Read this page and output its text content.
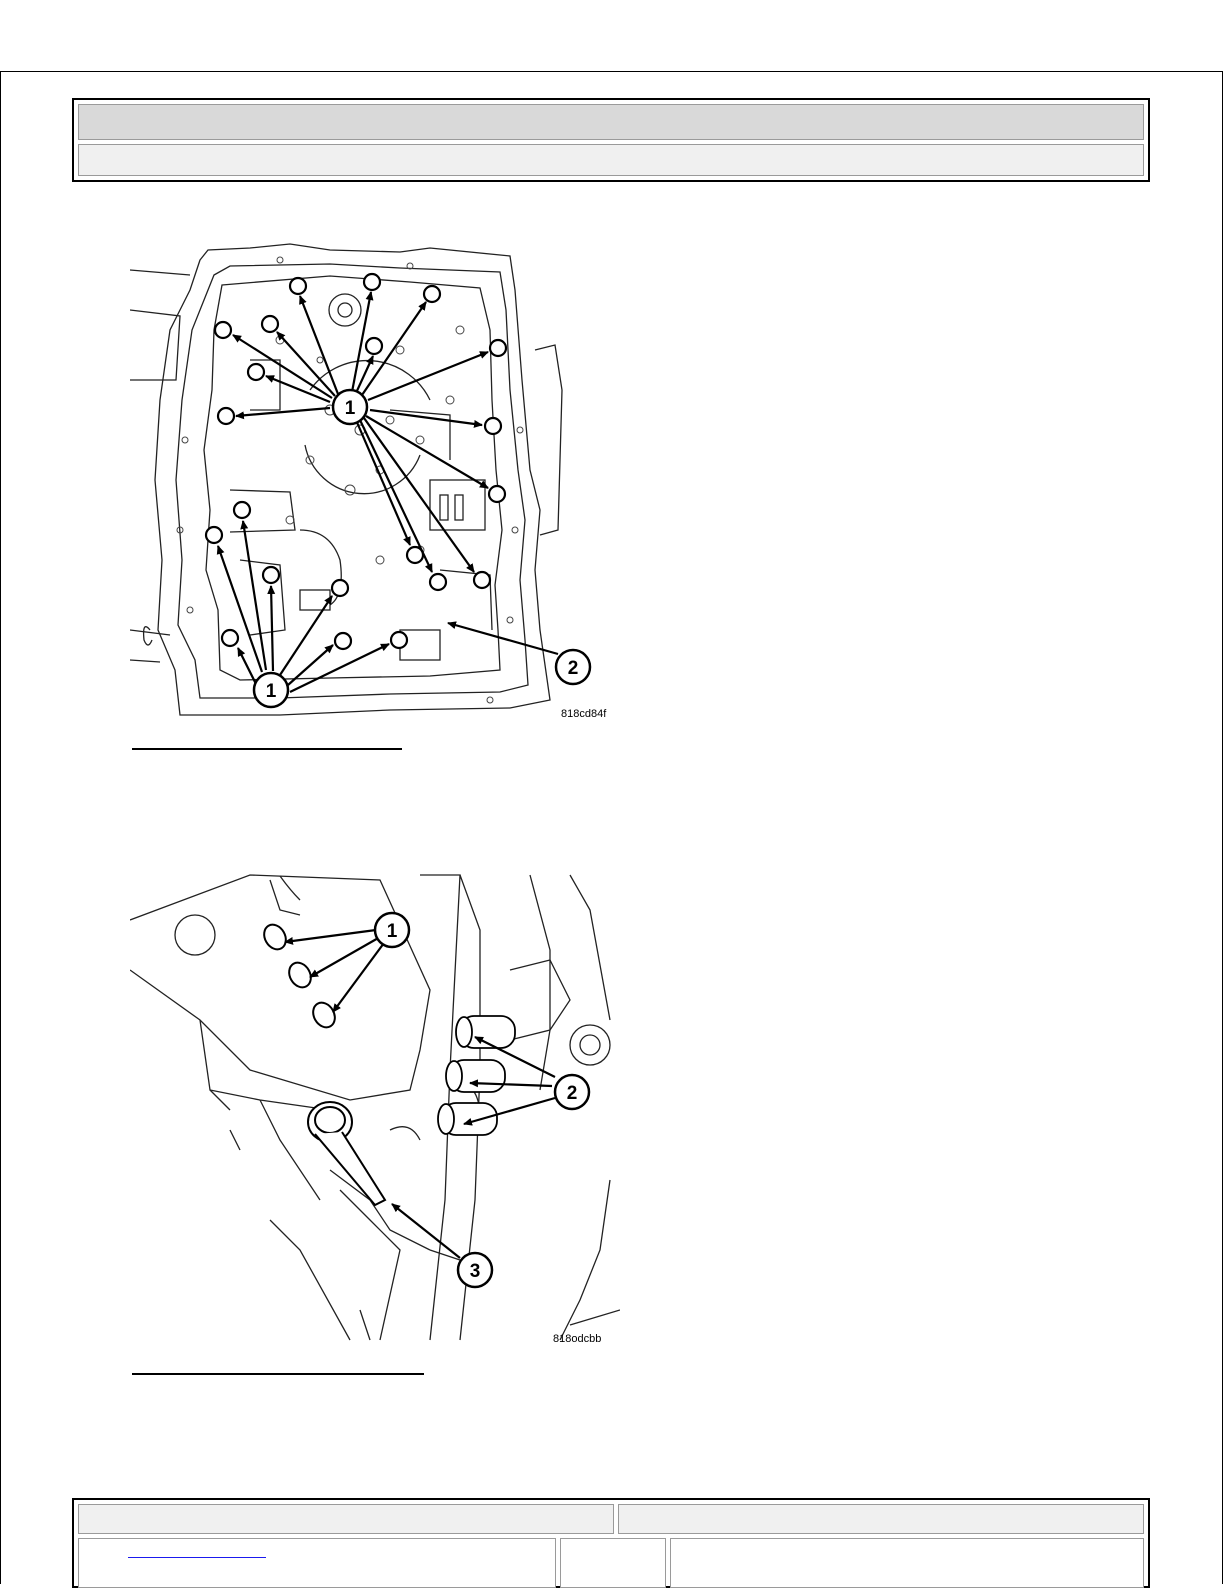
1
1
2
818cd84f
1
2
3
818odcbb
